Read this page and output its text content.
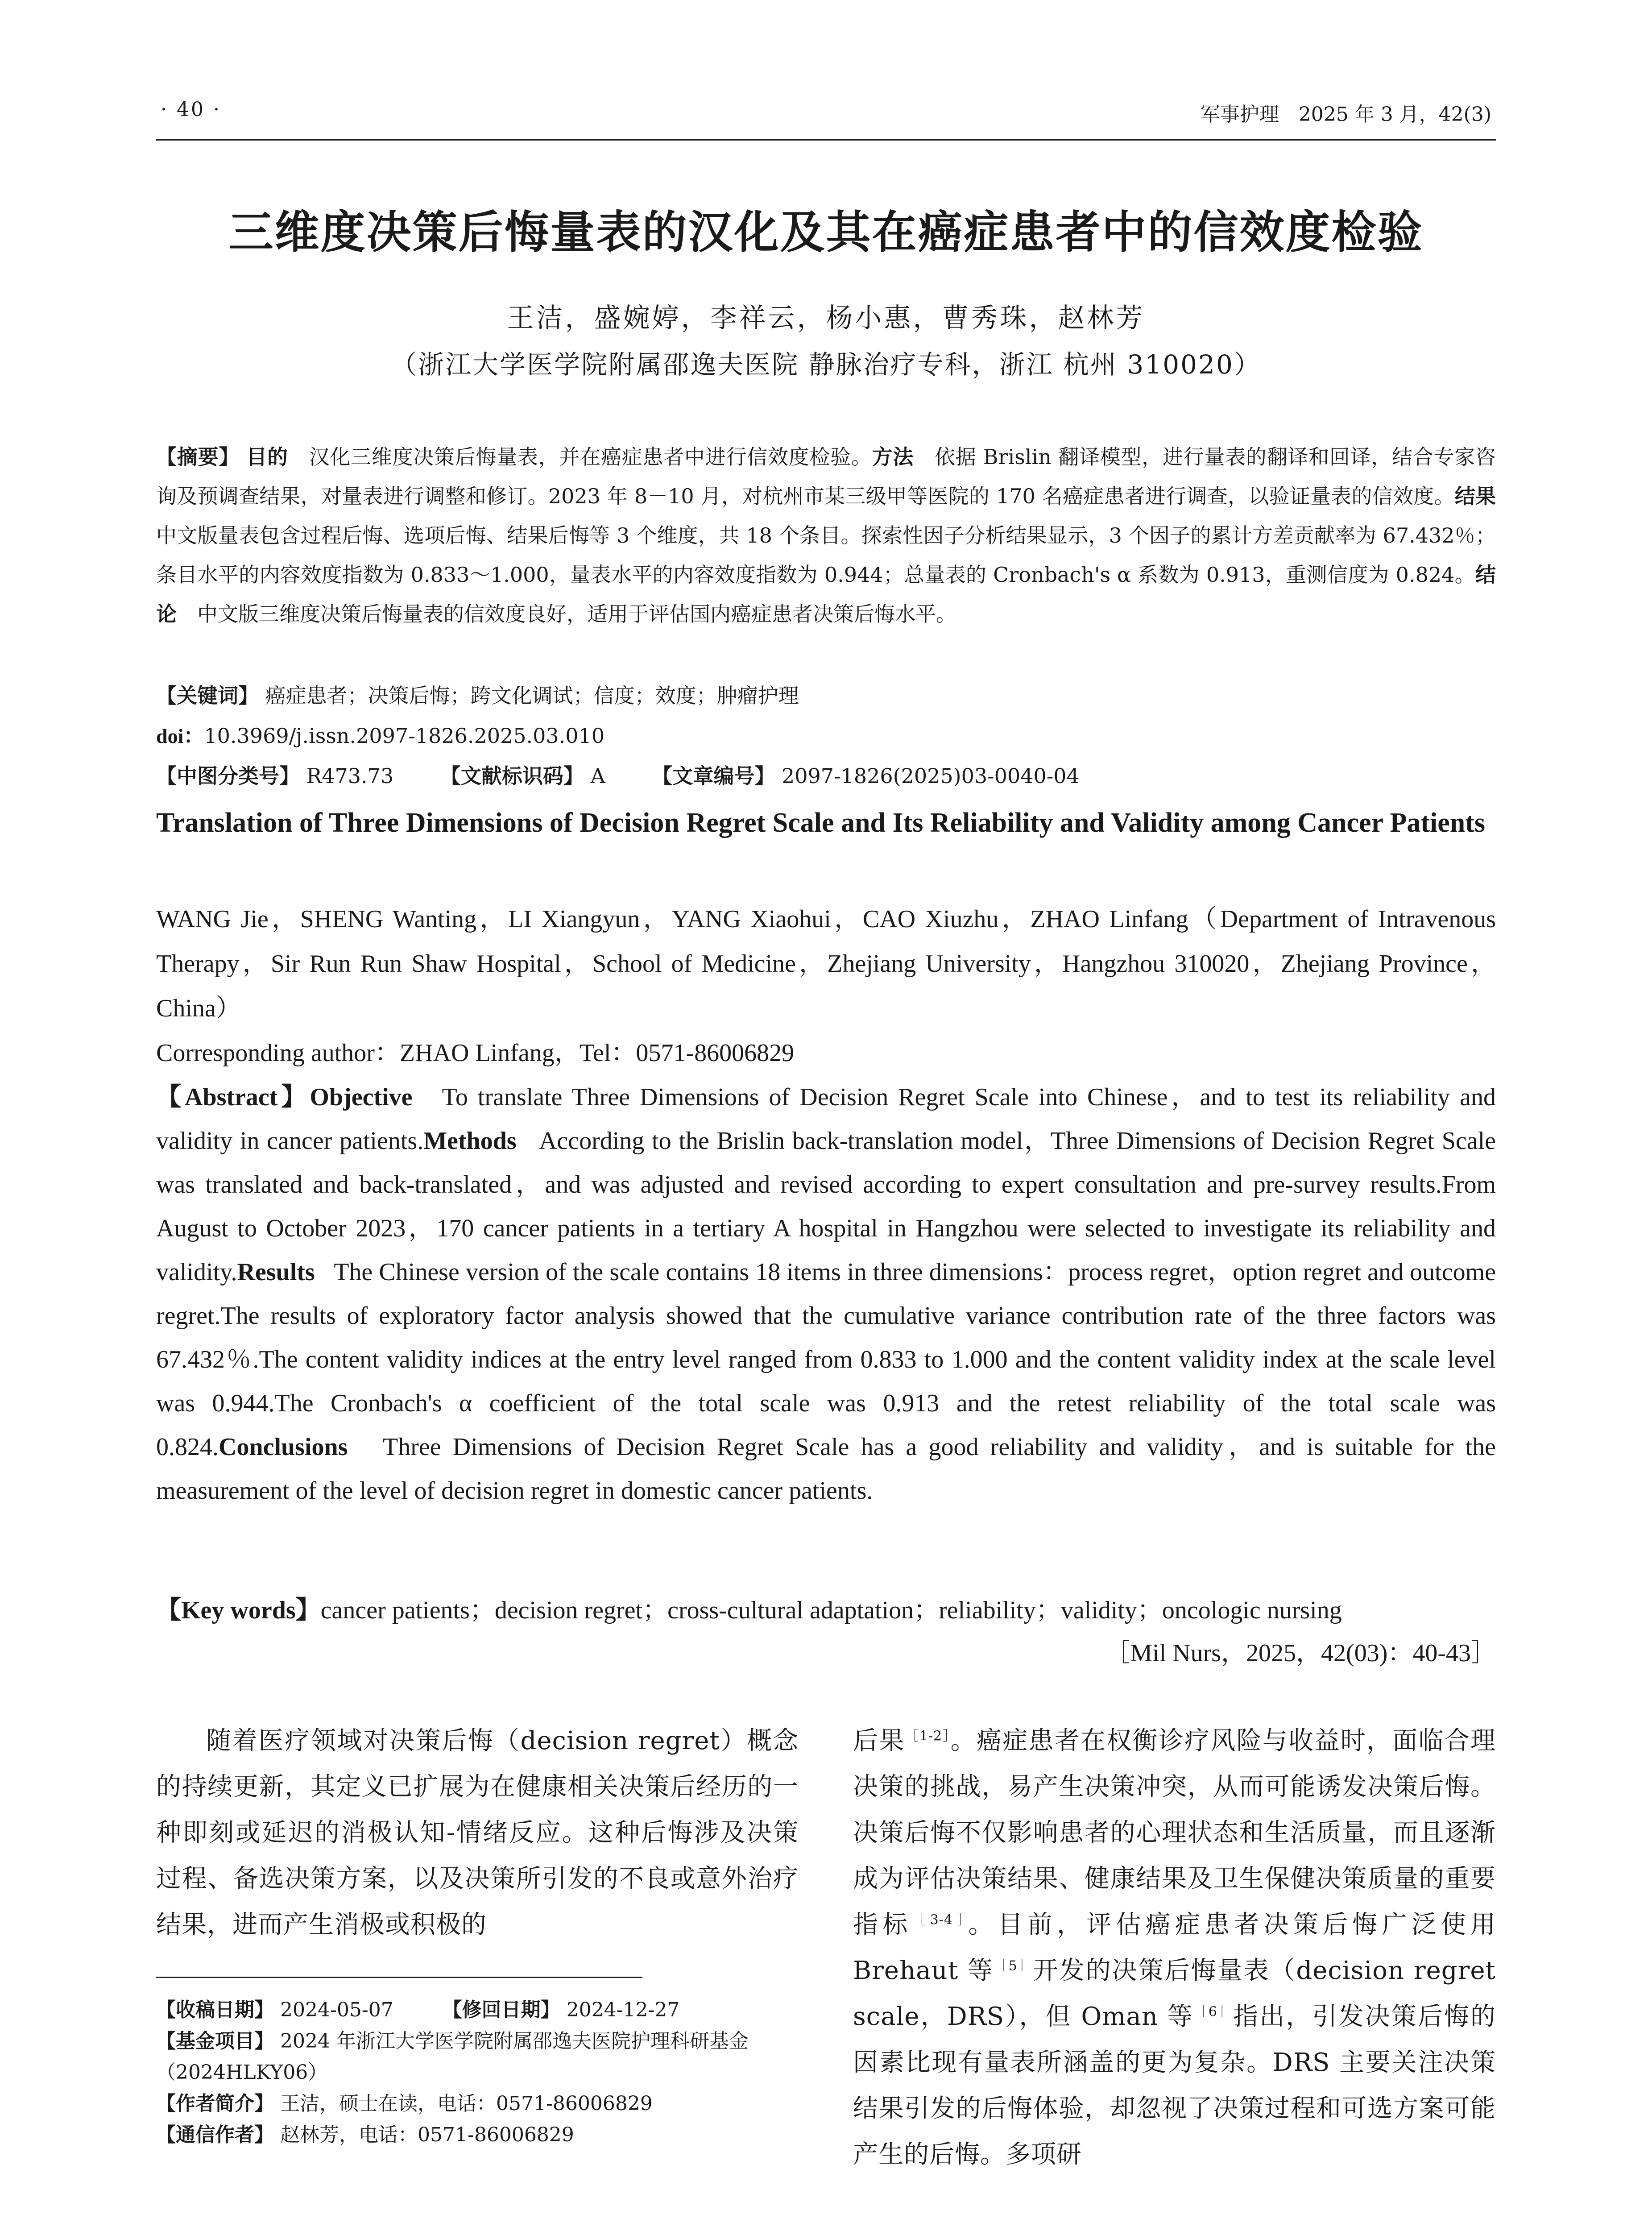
· 40 ·	军事护理　2025 年 3 月，42(3)
三维度决策后悔量表的汉化及其在癌症患者中的信效度检验
王洁，盛婉婷，李祥云，杨小惠，曹秀珠，赵林芳
（浙江大学医学院附属邵逸夫医院 静脉治疗专科，浙江 杭州 310020）
【摘要】 目的　 汉化三维度决策后悔量表，并在癌症患者中进行信效度检验。方法　 依据 Brislin 翻译模型，进行量表的翻译和回译，结合专家咨询及预调查结果，对量表进行调整和修订。2023 年 8－10 月，对杭州市某三级甲等医院的 170 名癌症患者进行调查，以验证量表的信效度。结果　中文版量表包含过程后悔、选项后悔、结果后悔等 3 个维度，共 18 个条目。探索性因子分析结果显示，3 个因子的累计方差贡献率为 67.432％；条目水平的内容效度指数为 0.833～1.000，量表水平的内容效度指数为 0.944；总量表的 Cronbach's α 系数为 0.913，重测信度为 0.824。结论　 中文版三维度决策后悔量表的信效度良好，适用于评估国内癌症患者决策后悔水平。
【关键词】 癌症患者；决策后悔；跨文化调试；信度；效度；肿瘤护理
doi：10.3969/j.issn.2097-1826.2025.03.010
【中图分类号】 R473.73 【文献标识码】 A 【文章编号】 2097-1826(2025)03-0040-04
Translation of Three Dimensions of Decision Regret Scale and Its Reliability and Validity among Cancer Patients
WANG Jie，SHENG Wanting，LI Xiangyun，YANG Xiaohui，CAO Xiuzhu，ZHAO Linfang（Department of Intravenous Therapy，Sir Run Run Shaw Hospital，School of Medicine，Zhejiang University，Hangzhou 310020，Zhejiang Province，China）
Corresponding author：ZHAO Linfang，Tel：0571-86006829
【Abstract】Objective To translate Three Dimensions of Decision Regret Scale into Chinese，and to test its reliability and validity in cancer patients.Methods According to the Brislin back-translation model，Three Dimensions of Decision Regret Scale was translated and back-translated，and was adjusted and revised according to expert consultation and pre-survey results.From August to October 2023，170 cancer patients in a tertiary A hospital in Hangzhou were selected to investigate its reliability and validity.Results The Chinese version of the scale contains 18 items in three dimensions：process regret，option regret and outcome regret.The results of exploratory factor analysis showed that the cumulative variance contribution rate of the three factors was 67.432％.The content validity indices at the entry level ranged from 0.833 to 1.000 and the content validity index at the scale level was 0.944.The Cronbach's α coefficient of the total scale was 0.913 and the retest reliability of the total scale was 0.824.Conclusions Three Dimensions of Decision Regret Scale has a good reliability and validity，and is suitable for the measurement of the level of decision regret in domestic cancer patients.
【Key words】cancer patients；decision regret；cross-cultural adaptation；reliability；validity；oncologic nursing
［Mil Nurs，2025，42(03)：40-43］
随着医疗领域对决策后悔（decision regret）概念的持续更新，其定义已扩展为在健康相关决策后经历的一种即刻或延迟的消极认知-情绪反应。这种后悔涉及决策过程、备选决策方案，以及决策所引发的不良或意外治疗结果，进而产生消极或积极的
后果$^{[1-2]}$。癌症患者在权衡诊疗风险与收益时，面临合理决策的挑战，易产生决策冲突，从而可能诱发决策后悔。决策后悔不仅影响患者的心理状态和生活质量，而且逐渐成为评估决策结果、健康结果及卫生保健决策质量的重要指标$^{[3-4]}$。目前，评估癌症患者决策后悔广泛使用 Brehaut 等$^{[5]}$开发的决策后悔量表（decision regret scale，DRS），但 Oman 等$^{[6]}$指出，引发决策后悔的因素比现有量表所涵盖的更为复杂。DRS 主要关注决策结果引发的后悔体验，却忽视了决策过程和可选方案可能产生的后悔。多项研
【收稿日期】 2024-05-07	【修回日期】 2024-12-27
【基金项目】 2024 年浙江大学医学院附属邵逸夫医院护理科研基金（2024HLKY06）
【作者简介】 王洁，硕士在读，电话：0571-86006829
【通信作者】 赵林芳，电话：0571-86006829
